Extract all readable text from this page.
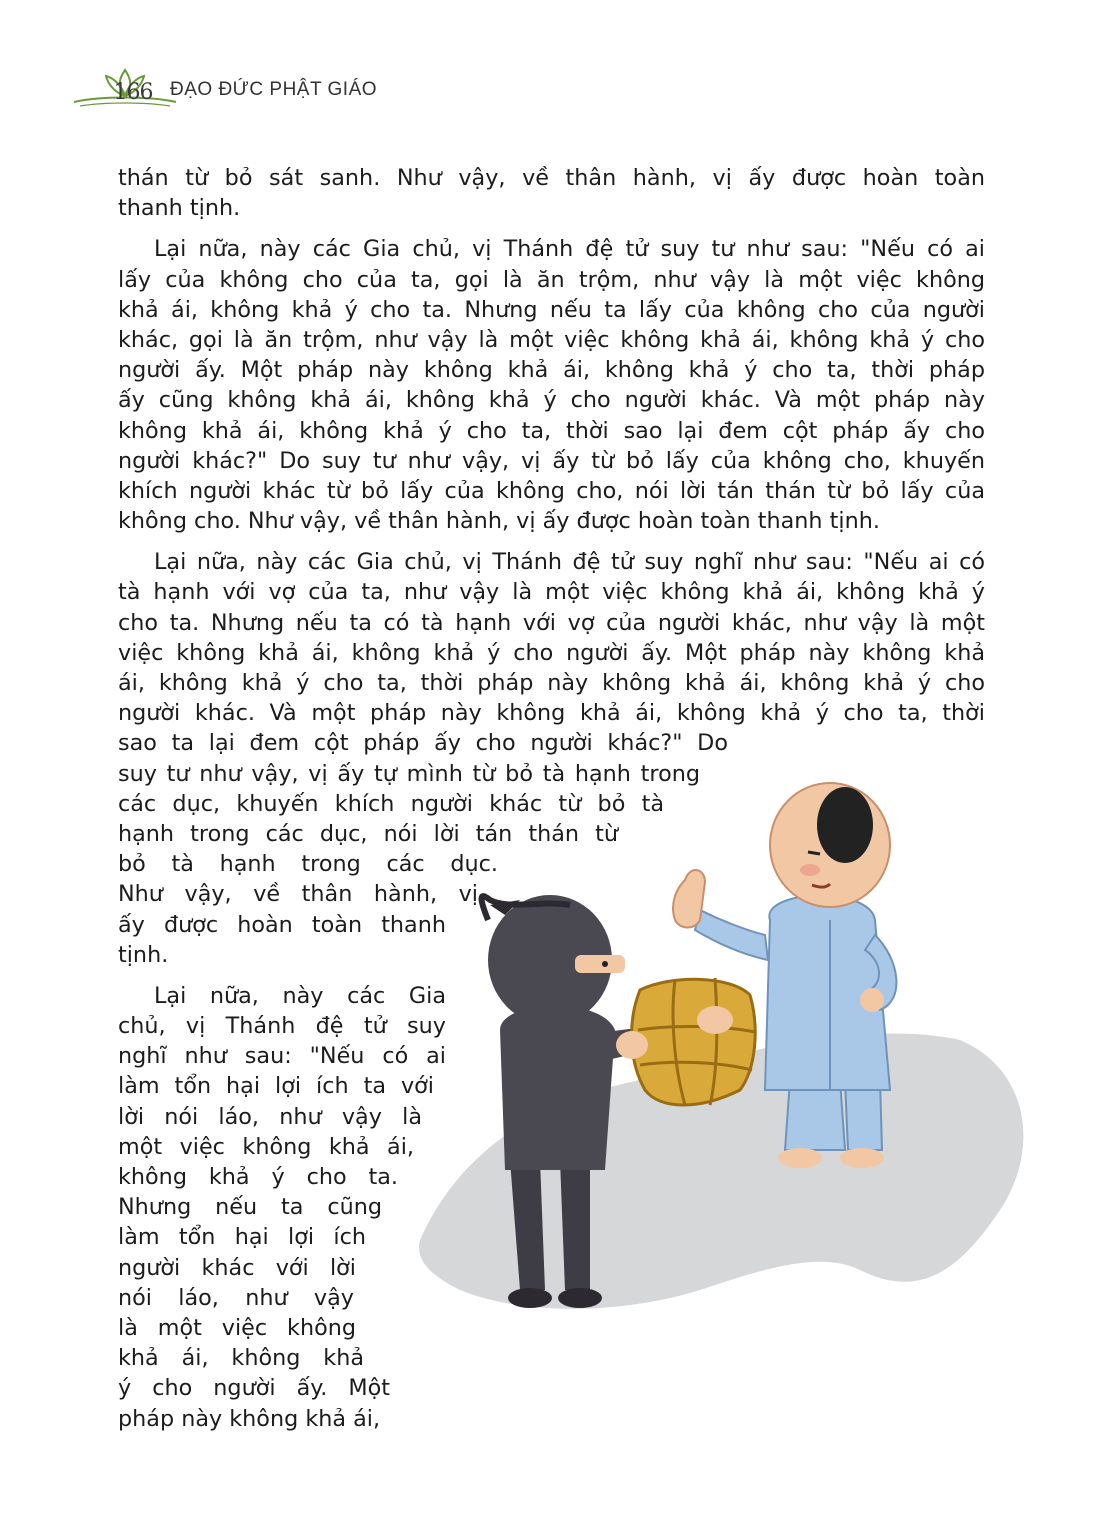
166 ĐẠO ĐỨC PHẬT GIÁO
thán từ bỏ sát sanh. Như vậy, về thân hành, vị ấy được hoàn toàn
thanh tịnh.
Lại nữa, này các Gia chủ, vị Thánh đệ tử suy tư như sau: "Nếu có ai
lấy của không cho của ta, gọi là ăn trộm, như vậy là một việc không
khả ái, không khả ý cho ta. Nhưng nếu ta lấy của không cho của người
khác, gọi là ăn trộm, như vậy là một việc không khả ái, không khả ý cho
người ấy. Một pháp này không khả ái, không khả ý cho ta, thời pháp
ấy cũng không khả ái, không khả ý cho người khác. Và một pháp này
không khả ái, không khả ý cho ta, thời sao lại đem cột pháp ấy cho
người khác?" Do suy tư như vậy, vị ấy từ bỏ lấy của không cho, khuyến
khích người khác từ bỏ lấy của không cho, nói lời tán thán từ bỏ lấy của
không cho. Như vậy, về thân hành, vị ấy được hoàn toàn thanh tịnh.
Lại nữa, này các Gia chủ, vị Thánh đệ tử suy nghĩ như sau: "Nếu ai có
tà hạnh với vợ của ta, như vậy là một việc không khả ái, không khả ý
cho ta. Nhưng nếu ta có tà hạnh với vợ của người khác, như vậy là một
việc không khả ái, không khả ý cho người ấy. Một pháp này không khả
ái, không khả ý cho ta, thời pháp này không khả ái, không khả ý cho
người khác. Và một pháp này không khả ái, không khả ý cho ta, thời
sao ta lại đem cột pháp ấy cho người khác?" Do
suy tư như vậy, vị ấy tự mình từ bỏ tà hạnh trong
các dục, khuyến khích người khác từ bỏ tà
hạnh trong các dục, nói lời tán thán từ
bỏ tà hạnh trong các dục.
Như vậy, về thân hành, vị
ấy được hoàn toàn thanh
tịnh.
Lại nữa, này các Gia
chủ, vị Thánh đệ tử suy
nghĩ như sau: "Nếu có ai
làm tổn hại lợi ích ta với
lời nói láo, như vậy là
một việc không khả ái,
không khả ý cho ta.
Nhưng nếu ta cũng
làm tổn hại lợi ích
người khác với lời
nói láo, như vậy
là một việc không
khả ái, không khả
ý cho người ấy. Một
pháp này không khả ái,
